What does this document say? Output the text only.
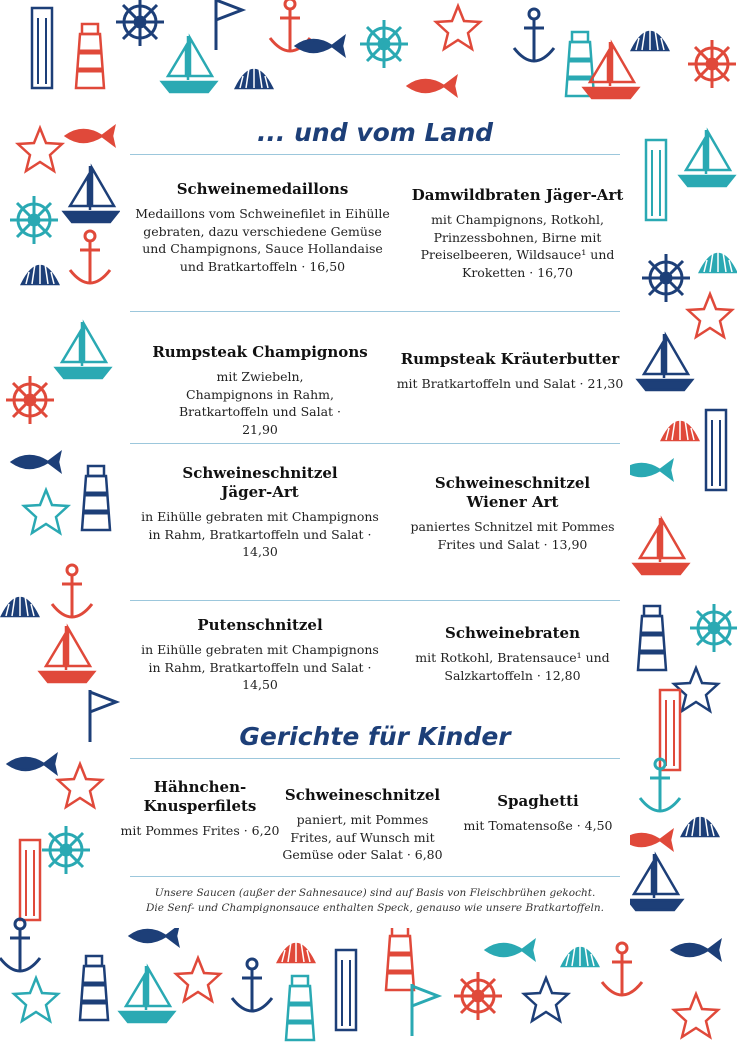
... und vom Land
Schweinemedaillons
Medaillons vom Schweinefilet in Eihülle gebraten, dazu verschiedene Gemüse und Champignons, Sauce Hollandaise und Bratkartoffeln · 16,50
Damwildbraten Jäger-Art
mit Champignons, Rotkohl, Prinzessbohnen, Birne mit Preiselbeeren, Wildsauce¹ und Kroketten · 16,70
Rumpsteak Champignons
mit Zwiebeln, Champignons in Rahm, Bratkartoffeln und Salat · 21,90
Rumpsteak Kräuterbutter
mit Bratkartoffeln und Salat · 21,30
Schweineschnitzel Jäger-Art
in Eihülle gebraten mit Champignons in Rahm, Bratkartoffeln und Salat · 14,30
Schweineschnitzel Wiener Art
paniertes Schnitzel mit Pommes Frites und Salat · 13,90
Putenschnitzel
in Eihülle gebraten mit Champignons in Rahm, Bratkartoffeln und Salat · 14,50
Schweinebraten
mit Rotkohl, Bratensauce¹ und Salzkartoffeln · 12,80
Gerichte für Kinder
Hähnchen-Knusperfilets
mit Pommes Frites · 6,20
Schweineschnitzel
paniert, mit Pommes Frites, auf Wunsch mit Gemüse oder Salat · 6,80
Spaghetti
mit Tomatensoße · 4,50
Unsere Saucen (außer der Sahnesauce) sind auf Basis von Fleischbrühen gekocht.
Die Senf- und Champignonsauce enthalten Speck, genauso wie unsere Bratkartoffeln.
